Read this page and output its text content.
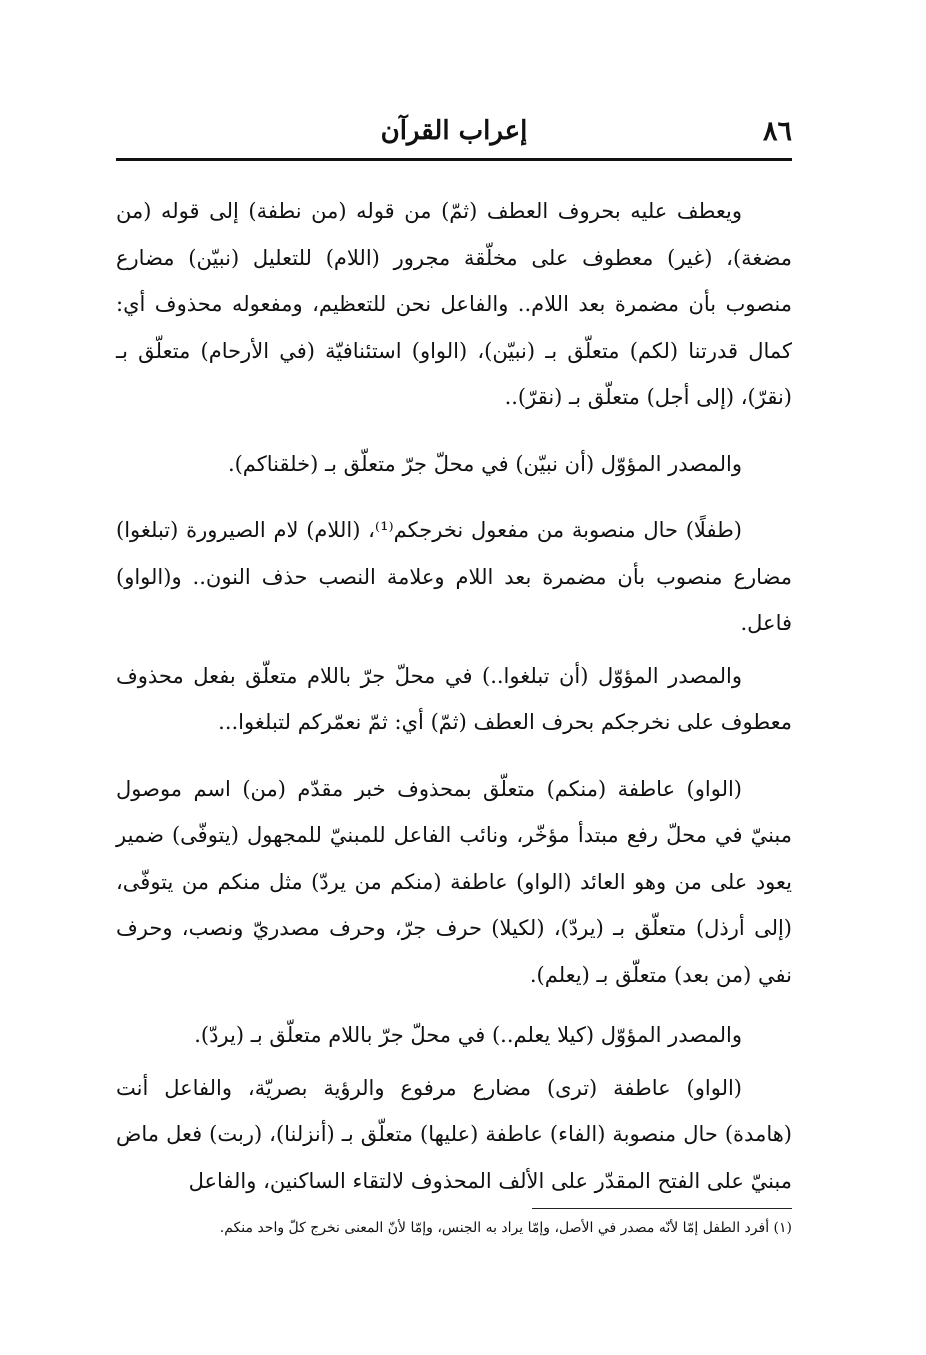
٨٦
إعراب القرآن

ويعطف عليه بحروف العطف (ثمّ) من قوله (من نطفة) إلى قوله (من مضغة)، (غير) معطوف على مخلّقة مجرور (اللام) للتعليل (نبيّن) مضارع منصوب بأن مضمرة بعد اللام.. والفاعل نحن للتعظيم، ومفعوله محذوف أي: كمال قدرتنا (لكم) متعلّق بـ (نبيّن)، (الواو) استئنافيّة (في الأرحام) متعلّق بـ (نقرّ)، (إلى أجل) متعلّق بـ (نقرّ)..

والمصدر المؤوّل (أن نبيّن) في محلّ جرّ متعلّق بـ (خلقناكم).

(طفلًا) حال منصوبة من مفعول نخرجكم⁽¹⁾، (اللام) لام الصيرورة (تبلغوا) مضارع منصوب بأن مضمرة بعد اللام وعلامة النصب حذف النون.. و(الواو) فاعل.

والمصدر المؤوّل (أن تبلغوا..) في محلّ جرّ باللام متعلّق بفعل محذوف معطوف على نخرجكم بحرف العطف (ثمّ) أي: ثمّ نعمّركم لتبلغوا...

(الواو) عاطفة (منكم) متعلّق بمحذوف خبر مقدّم (من) اسم موصول مبنيّ في محلّ رفع مبتدأ مؤخّر، ونائب الفاعل للمبنيّ للمجهول (يتوفّى) ضمير يعود على من وهو العائد (الواو) عاطفة (منكم من يردّ) مثل منكم من يتوفّى، (إلى أرذل) متعلّق بـ (يردّ)، (لكيلا) حرف جرّ، وحرف مصدريّ ونصب، وحرف نفي (من بعد) متعلّق بـ (يعلم).

والمصدر المؤوّل (كيلا يعلم..) في محلّ جرّ باللام متعلّق بـ (يردّ).

(الواو) عاطفة (ترى) مضارع مرفوع والرؤية بصريّة، والفاعل أنت (هامدة) حال منصوبة (الفاء) عاطفة (عليها) متعلّق بـ (أنزلنا)، (ربت) فعل ماض مبنيّ على الفتح المقدّر على الألف المحذوف لالتقاء الساكنين، والفاعل

(١) أفرد الطفل إمّا لأنّه مصدر في الأصل، وإمّا يراد به الجنس، وإمّا لأنّ المعنى نخرج كلّ واحد منكم.
